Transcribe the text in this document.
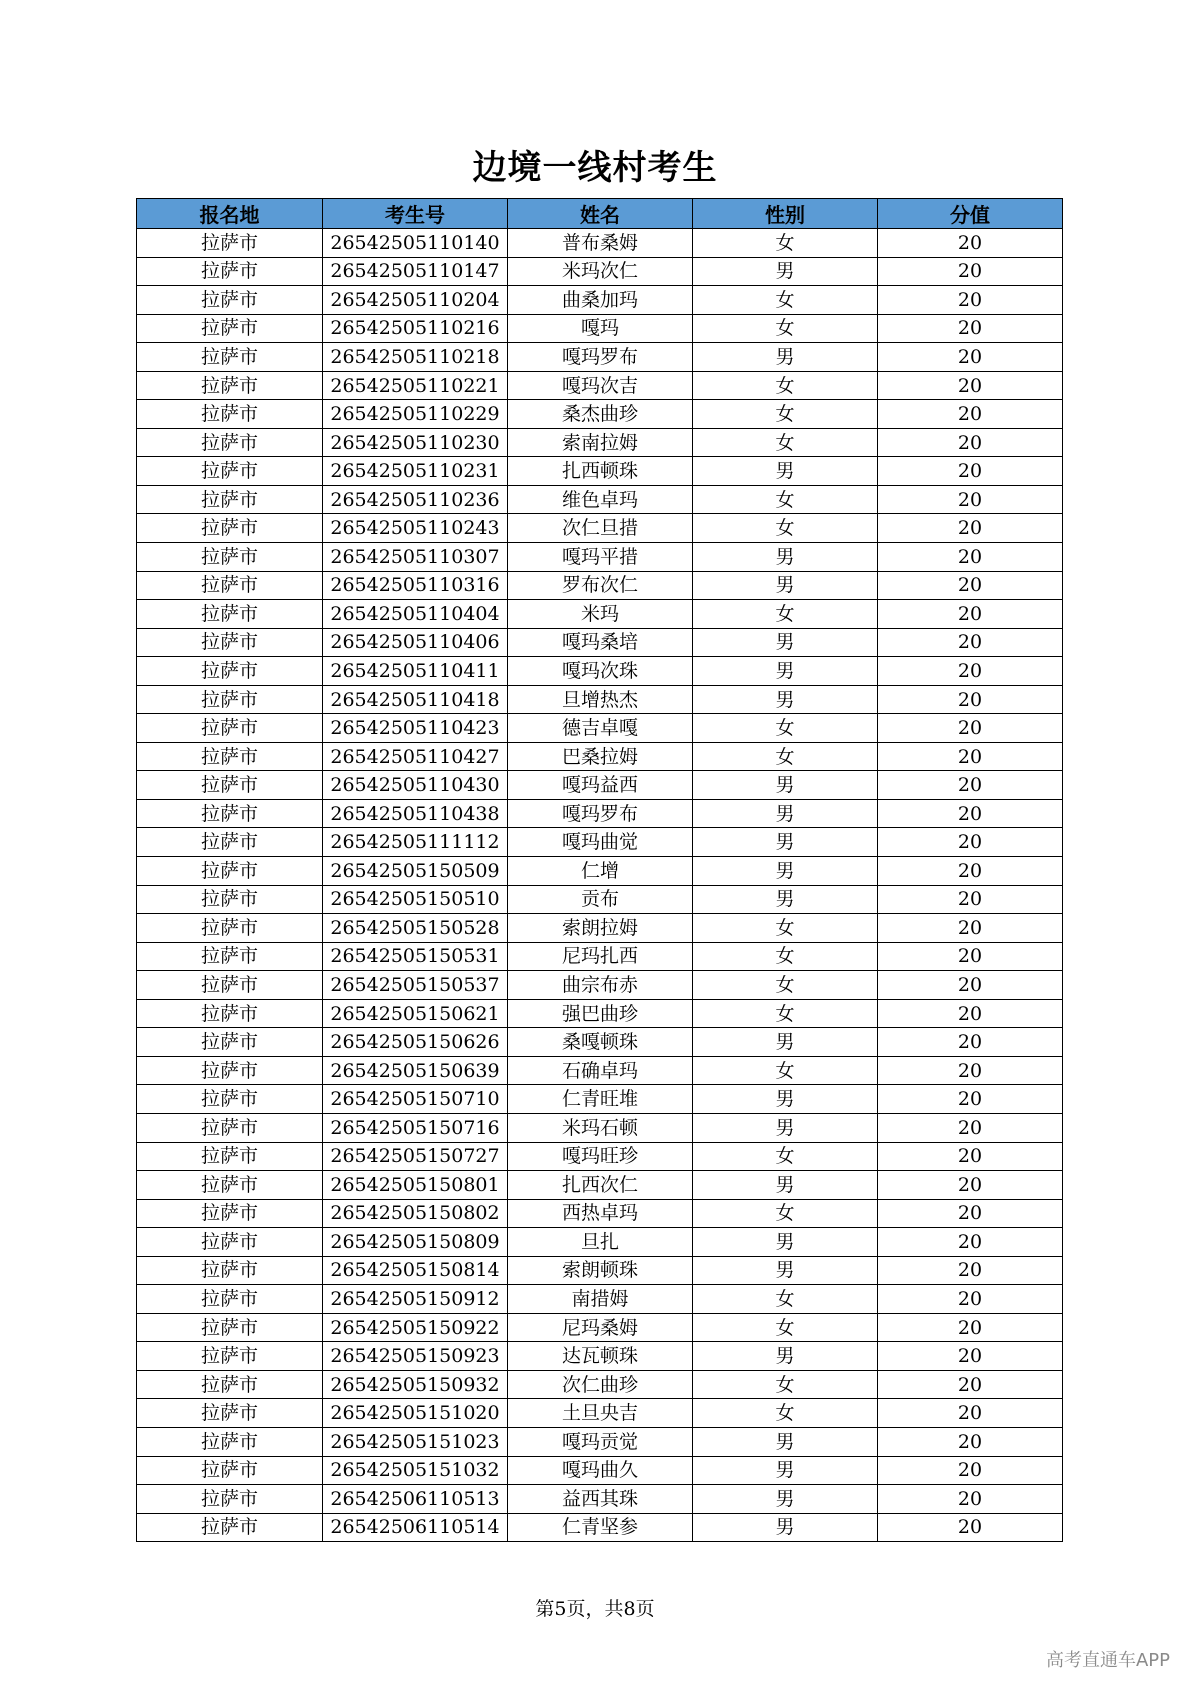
边境一线村考生
报名地	考生号	姓名	性别	分值
拉萨市	26542505110140	普布桑姆	女	20
拉萨市	26542505110147	米玛次仁	男	20
拉萨市	26542505110204	曲桑加玛	女	20
拉萨市	26542505110216	嘎玛	女	20
拉萨市	26542505110218	嘎玛罗布	男	20
拉萨市	26542505110221	嘎玛次吉	女	20
拉萨市	26542505110229	桑杰曲珍	女	20
拉萨市	26542505110230	索南拉姆	女	20
拉萨市	26542505110231	扎西顿珠	男	20
拉萨市	26542505110236	维色卓玛	女	20
拉萨市	26542505110243	次仁旦措	女	20
拉萨市	26542505110307	嘎玛平措	男	20
拉萨市	26542505110316	罗布次仁	男	20
拉萨市	26542505110404	米玛	女	20
拉萨市	26542505110406	嘎玛桑培	男	20
拉萨市	26542505110411	嘎玛次珠	男	20
拉萨市	26542505110418	旦增热杰	男	20
拉萨市	26542505110423	德吉卓嘎	女	20
拉萨市	26542505110427	巴桑拉姆	女	20
拉萨市	26542505110430	嘎玛益西	男	20
拉萨市	26542505110438	嘎玛罗布	男	20
拉萨市	26542505111112	嘎玛曲觉	男	20
拉萨市	26542505150509	仁增	男	20
拉萨市	26542505150510	贡布	男	20
拉萨市	26542505150528	索朗拉姆	女	20
拉萨市	26542505150531	尼玛扎西	女	20
拉萨市	26542505150537	曲宗布赤	女	20
拉萨市	26542505150621	强巴曲珍	女	20
拉萨市	26542505150626	桑嘎顿珠	男	20
拉萨市	26542505150639	石确卓玛	女	20
拉萨市	26542505150710	仁青旺堆	男	20
拉萨市	26542505150716	米玛石顿	男	20
拉萨市	26542505150727	嘎玛旺珍	女	20
拉萨市	26542505150801	扎西次仁	男	20
拉萨市	26542505150802	西热卓玛	女	20
拉萨市	26542505150809	旦扎	男	20
拉萨市	26542505150814	索朗顿珠	男	20
拉萨市	26542505150912	南措姆	女	20
拉萨市	26542505150922	尼玛桑姆	女	20
拉萨市	26542505150923	达瓦顿珠	男	20
拉萨市	26542505150932	次仁曲珍	女	20
拉萨市	26542505151020	土旦央吉	女	20
拉萨市	26542505151023	嘎玛贡觉	男	20
拉萨市	26542505151032	嘎玛曲久	男	20
拉萨市	26542506110513	益西其珠	男	20
拉萨市	26542506110514	仁青坚参	男	20
第5页，共8页
高考直通车APP
